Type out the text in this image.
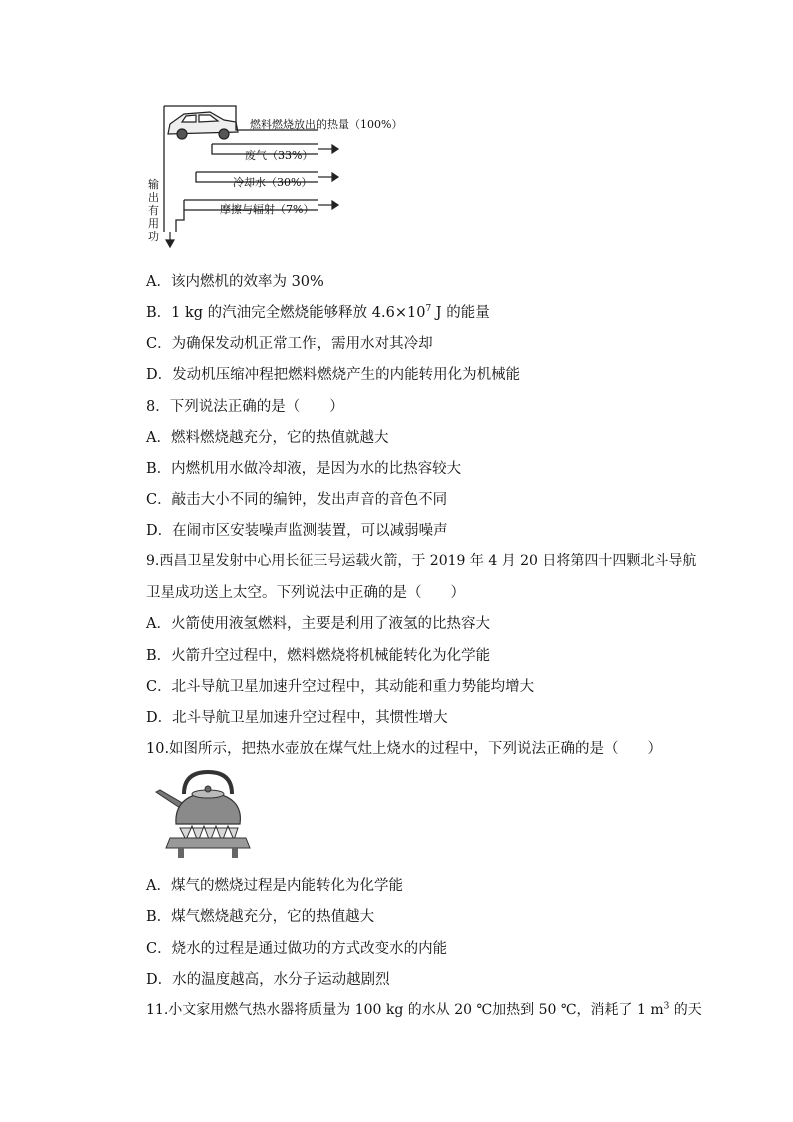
燃料燃烧放出的热量（100%）
废气（33%）
冷却水（30%）
摩擦与辐射（7%）
输
出
有
用
功
A．该内燃机的效率为 30%
B．1 kg 的汽油完全燃烧能够释放 $4.6\times 10^7$ J 的能量
C．为确保发动机正常工作，需用水对其冷却
D．发动机压缩冲程把燃料燃烧产生的内能转用化为机械能
8．下列说法正确的是（　　）
A．燃料燃烧越充分，它的热值就越大
B．内燃机用水做冷却液，是因为水的比热容较大
C．敲击大小不同的编钟，发出声音的音色不同
D．在闹市区安装噪声监测装置，可以减弱噪声
9.西昌卫星发射中心用长征三号运载火箭，于 2019 年 4 月 20 日将第四十四颗北斗导航
卫星成功送上太空。下列说法中正确的是（　　）
A．火箭使用液氢燃料，主要是利用了液氢的比热容大
B．火箭升空过程中，燃料燃烧将机械能转化为化学能
C．北斗导航卫星加速升空过程中，其动能和重力势能均增大
D．北斗导航卫星加速升空过程中，其惯性增大
10.如图所示，把热水壶放在煤气灶上烧水的过程中，下列说法正确的是（　　）
A．煤气的燃烧过程是内能转化为化学能
B．煤气燃烧越充分，它的热值越大
C．烧水的过程是通过做功的方式改变水的内能
D．水的温度越高，水分子运动越剧烈
11.小文家用燃气热水器将质量为 100 kg 的水从 20 ℃加热到 50 ℃，消耗了 1 $m^3$ 的天
